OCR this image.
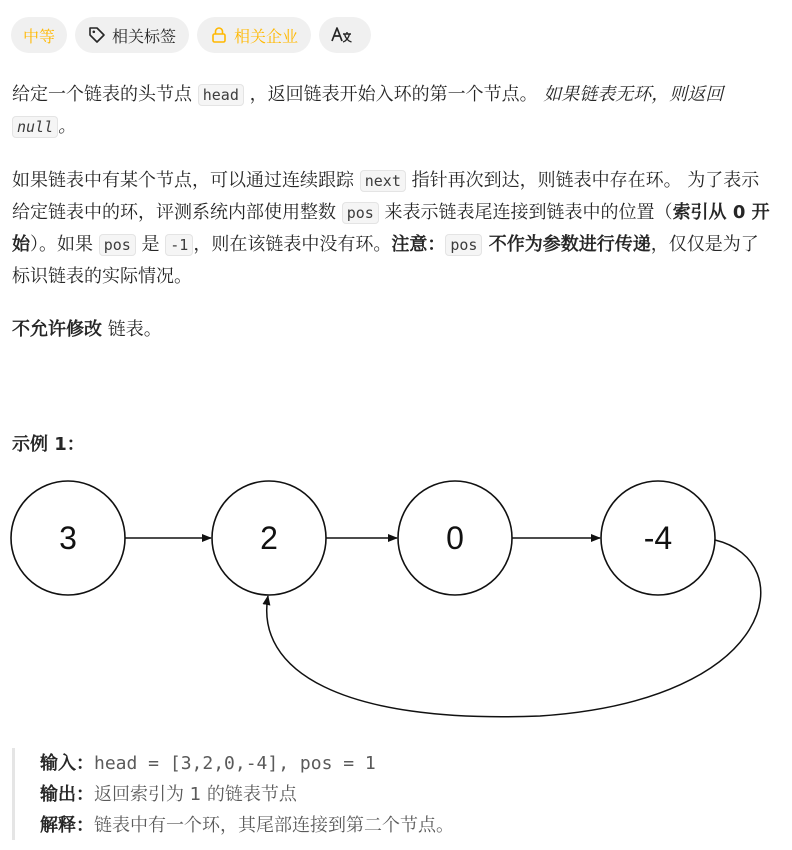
中等	相关标签	相关企业

给定一个链表的头节点 head ，返回链表开始入环的第一个节点。 如果链表无环，则返回 null 。

如果链表中有某个节点，可以通过连续跟踪 next 指针再次到达，则链表中存在环。 为了表示给定链表中的环，评测系统内部使用整数 pos 来表示链表尾连接到链表中的位置（索引从 0 开始）。如果 pos 是 -1 ，则在该链表中没有环。注意： pos 不作为参数进行传递，仅仅是为了标识链表的实际情况。

不允许修改 链表。

示例 1：

3	2	0	-4
输入：head = [3,2,0,-4], pos = 1
输出：返回索引为 1 的链表节点
解释：链表中有一个环，其尾部连接到第二个节点。
